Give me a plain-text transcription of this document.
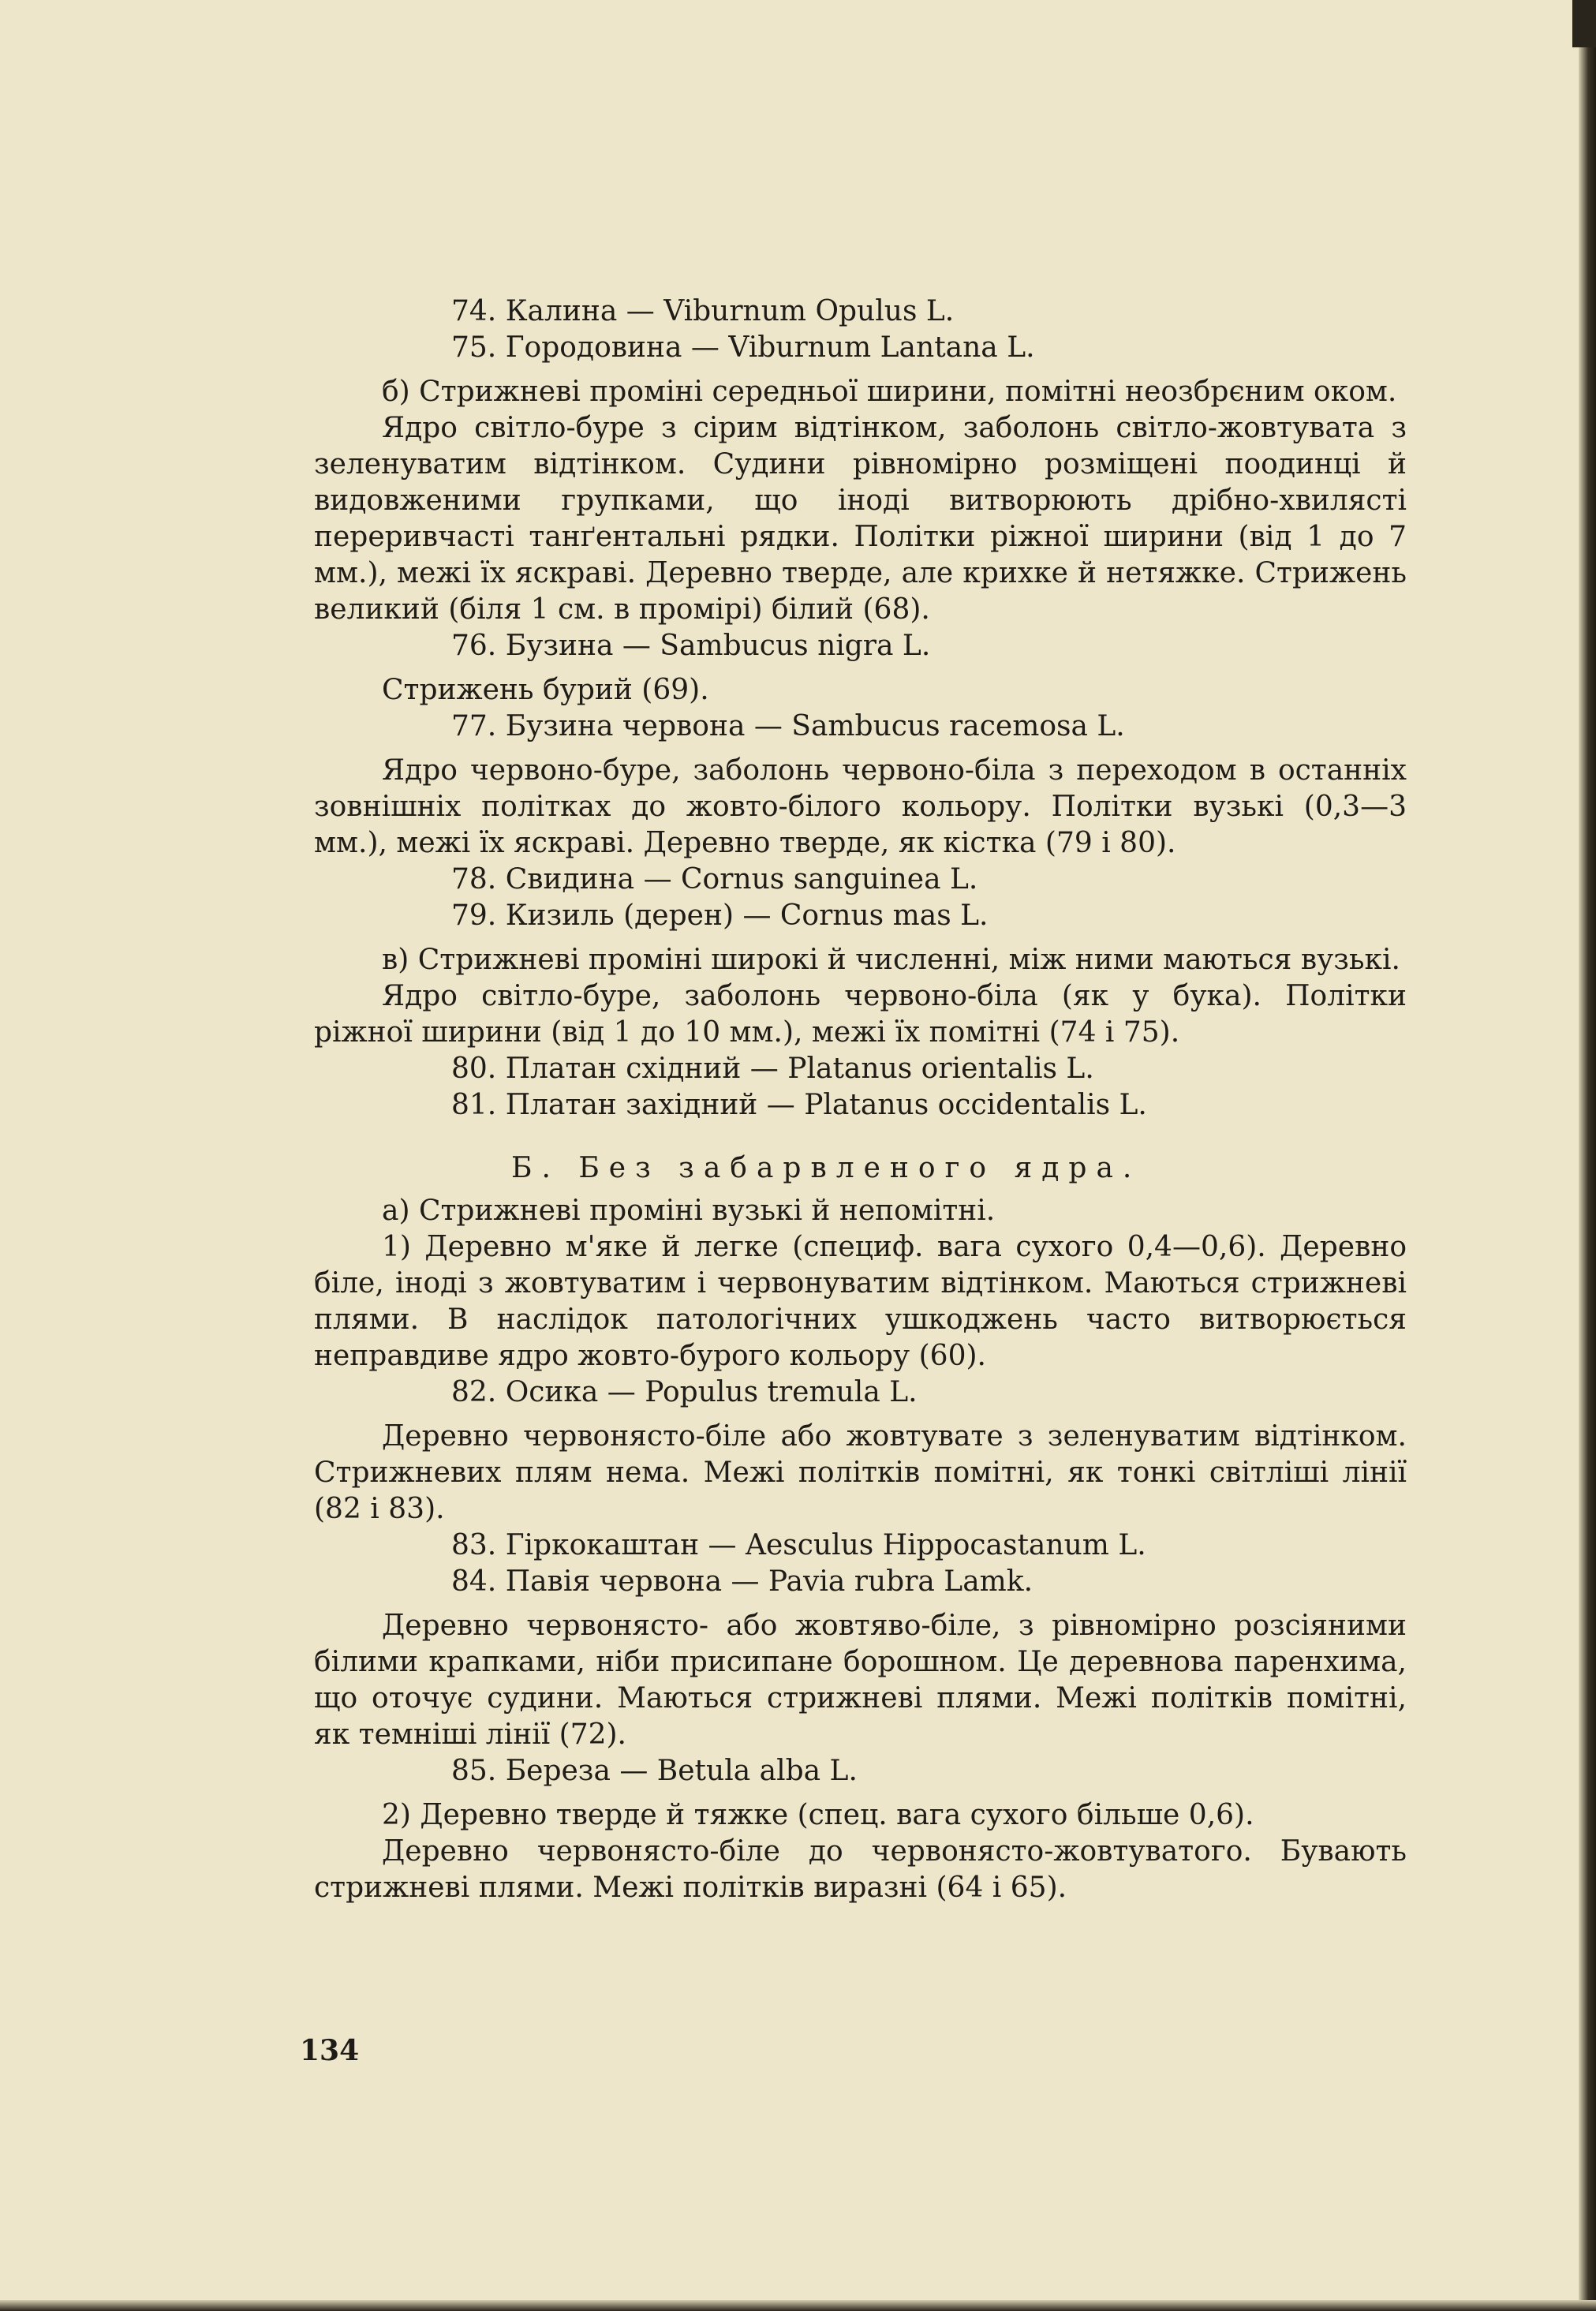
74. Калина — Viburnum Opulus L.
75. Городовина — Viburnum Lantana L.

б) Стрижневі проміні середньої ширини, помітні неозбрєним оком.

Ядро світло-буре з сірим відтінком, заболонь світло-жовтувата з зеленуватим відтінком. Судини рівномірно розміщені поодинці й видовженими групками, що іноді витворюють дрібно-хвилясті переривчасті танґентальні рядки. Політки ріжної ширини (від 1 до 7 мм.), межі їх яскраві. Деревно тверде, але крихке й нетяжке. Стрижень великий (біля 1 см. в промірі) білий (68).

76. Бузина — Sambucus nigra L.

Стрижень бурий (69).

77. Бузина червона — Sambucus racemosa L.

Ядро червоно-буре, заболонь червоно-біла з переходом в останніх зовнішніх політках до жовто-білого кольору. Політки вузькі (0,3—3 мм.), межі їх яскраві. Деревно тверде, як кістка (79 і 80).

78. Свидина — Cornus sanguinea L.
79. Кизиль (дерен) — Cornus mas L.

в) Стрижневі проміні широкі й численні, між ними маються вузькі.

Ядро світло-буре, заболонь червоно-біла (як у бука). Політки ріжної ширини (від 1 до 10 мм.), межі їх помітні (74 і 75).

80. Платан східний — Platanus orientalis L.
81. Платан західний — Platanus occidentalis L.
Б. Без забарвленого ядра.

а) Стрижневі проміні вузькі й непомітні.

1) Деревно м'яке й легке (специф. вага сухого 0,4—0,6). Деревно біле, іноді з жовтуватим і червонуватим відтінком. Маються стрижневі плями. В наслідок патологічних ушкоджень часто витворюється неправдиве ядро жовто-бурого кольору (60).

82. Осика — Populus tremula L.

Деревно червонясто-біле або жовтувате з зеленуватим відтінком. Стрижневих плям нема. Межі політків помітні, як тонкі світліші лінії (82 і 83).

83. Гіркокаштан — Aesculus Hippocastanum L.
84. Павія червона — Pavia rubra Lamk.

Деревно червонясто- або жовтяво-біле, з рівномірно розсіяними білими крапками, ніби присипане борошном. Це деревнова паренхима, що оточує судини. Маються стрижневі плями. Межі політків помітні, як темніші лінії (72).

85. Береза — Betula alba L.

2) Деревно тверде й тяжке (спец. вага сухого більше 0,6).

Деревно червонясто-біле до червонясто-жовтуватого. Бувають стрижневі плями. Межі політків виразні (64 і 65).

134
